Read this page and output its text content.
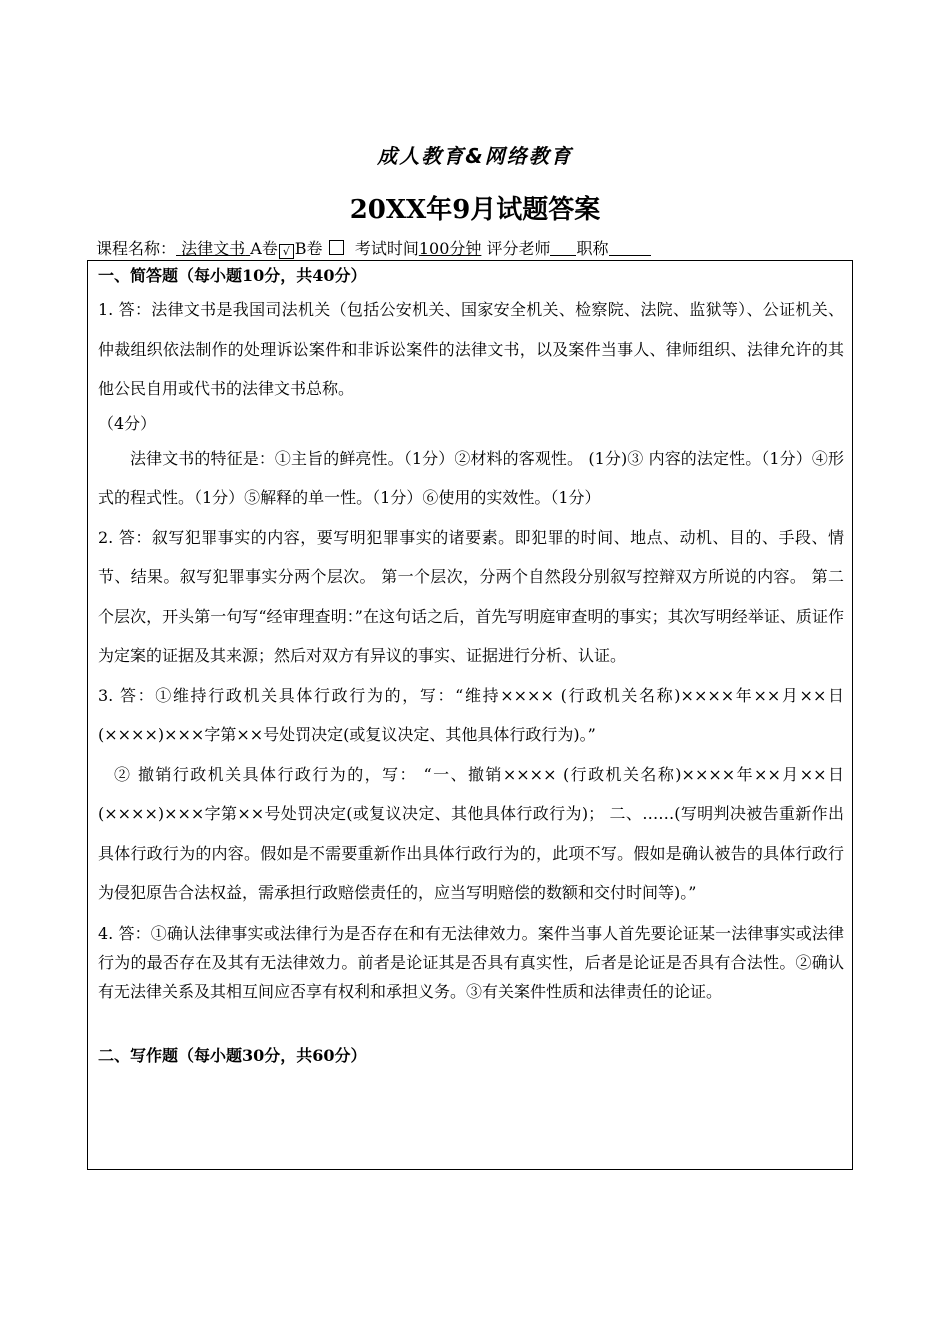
成人教育&网络教育
20XX年9月试题答案
课程名称： 法律文书 A卷 √ B卷 考试时间100分钟 评分老师 职称

一、简答题（每小题10分，共40分）

1. 答：法律文书是我国司法机关（包括公安机关、国家安全机关、检察院、法院、监狱等）、公证机关、仲裁组织依法制作的处理诉讼案件和非诉讼案件的法律文书，以及案件当事人、律师组织、法律允许的其他公民自用或代书的法律文书总称。

（4分）

法律文书的特征是：①主旨的鲜亮性。（1分）②材料的客观性。 (1分)③ 内容的法定性。（1分）④形式的程式性。（1分）⑤解释的单一性。（1分）⑥使用的实效性。（1分）

2. 答：叙写犯罪事实的内容，要写明犯罪事实的诸要素。即犯罪的时间、地点、动机、目的、手段、情节、结果。叙写犯罪事实分两个层次。 第一个层次，分两个自然段分别叙写控辩双方所说的内容。 第二个层次，开头第一句写“经审理查明：”在这句话之后，首先写明庭审查明的事实；其次写明经举证、质证作为定案的证据及其来源；然后对双方有异议的事实、证据进行分析、认证。

3. 答：①维持行政机关具体行政行为的，写：“维持×××× (行政机关名称)××××年××月××日 (××××)×××字第××号处罚决定(或复议决定、其他具体行政行为)。”

② 撤销行政机关具体行政行为的，写： “一、撤销×××× (行政机关名称)××××年××月××日 (××××)×××字第××号处罚决定(或复议决定、其他具体行政行为)； 二、……(写明判决被告重新作出具体行政行为的内容。假如是不需要重新作出具体行政行为的，此项不写。假如是确认被告的具体行政行为侵犯原告合法权益，需承担行政赔偿责任的，应当写明赔偿的数额和交付时间等)。”

4. 答：①确认法律事实或法律行为是否存在和有无法律效力。案件当事人首先要论证某一法律事实或法律行为的最否存在及其有无法律效力。前者是论证其是否具有真实性，后者是论证是否具有合法性。②确认有无法律关系及其相互间应否享有权利和承担义务。③有关案件性质和法律责任的论证。

二、写作题（每小题30分，共60分）
